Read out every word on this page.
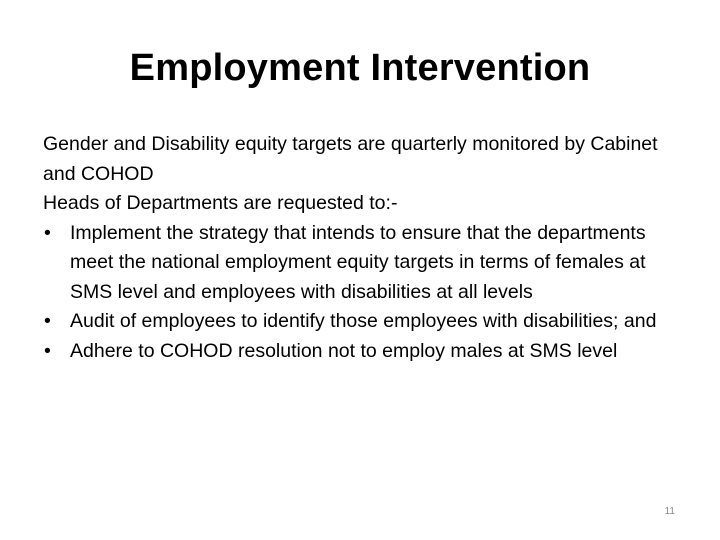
Employment Intervention

Gender and Disability equity targets are quarterly monitored by Cabinet and COHOD

Heads of Departments are requested to:-

• Implement the strategy that intends to ensure that the departments meet the national employment equity targets in terms of females at SMS level and employees with disabilities at all levels
• Audit of employees to identify those employees with disabilities; and
• Adhere to COHOD resolution not to employ males at SMS level
11
